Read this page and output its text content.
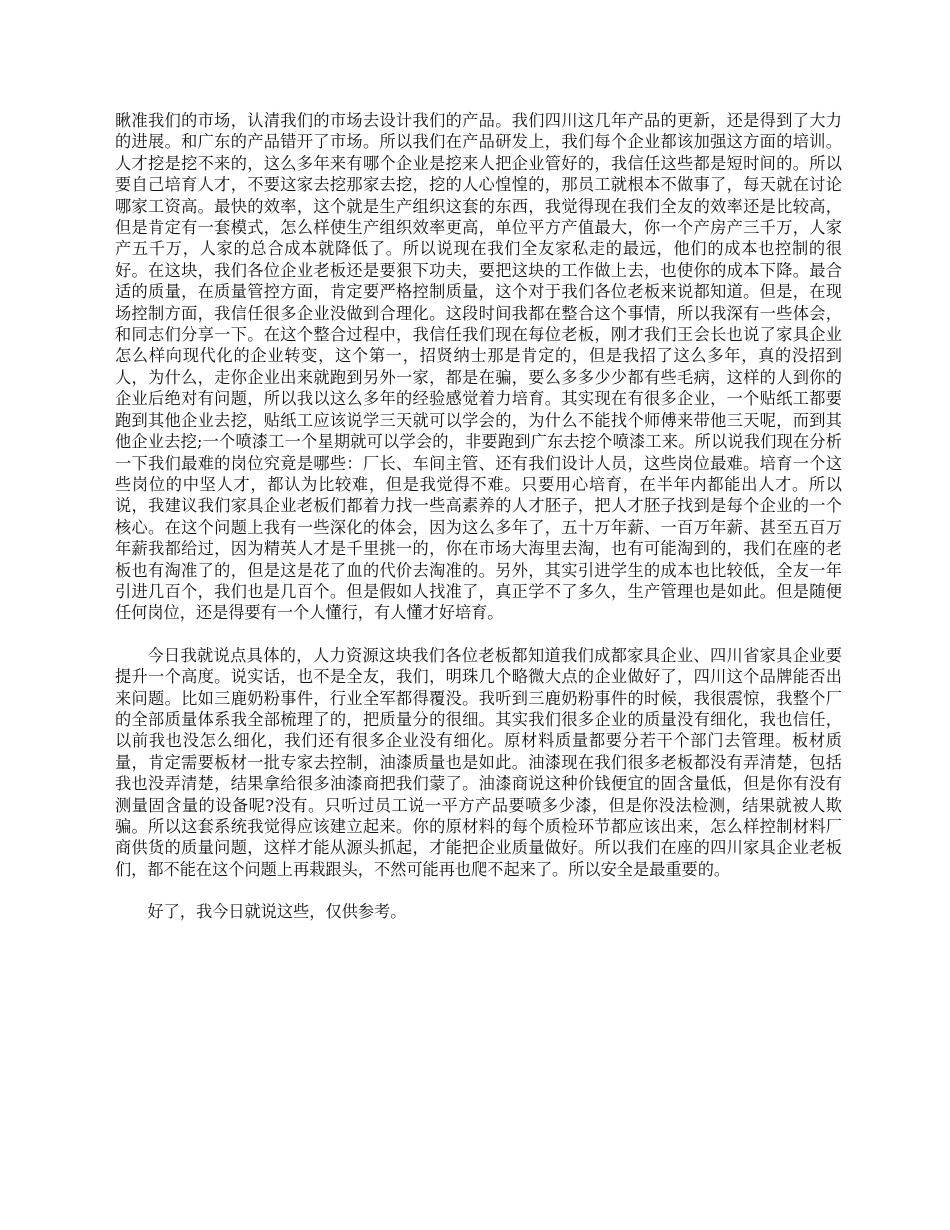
瞅准我们的市场，认清我们的市场去设计我们的产品。我们四川这几年产品的更新，还是得到了大力的进展。和广东的产品错开了市场。所以我们在产品研发上，我们每个企业都该加强这方面的培训。人才挖是挖不来的，这么多年来有哪个企业是挖来人把企业管好的，我信任这些都是短时间的。所以要自己培育人才，不要这家去挖那家去挖，挖的人心惶惶的，那员工就根本不做事了，每天就在讨论哪家工资高。最快的效率，这个就是生产组织这套的东西，我觉得现在我们全友的效率还是比较高，但是肯定有一套模式，怎么样使生产组织效率更高，单位平方产值最大，你一个产房产三千万，人家产五千万，人家的总合成本就降低了。所以说现在我们全友家私走的最远，他们的成本也控制的很好。在这块，我们各位企业老板还是要狠下功夫，要把这块的工作做上去，也使你的成本下降。最合适的质量，在质量管控方面，肯定要严格控制质量，这个对于我们各位老板来说都知道。但是，在现场控制方面，我信任很多企业没做到合理化。这段时间我都在整合这个事情，所以我深有一些体会，和同志们分享一下。在这个整合过程中，我信任我们现在每位老板，刚才我们王会长也说了家具企业怎么样向现代化的企业转变，这个第一，招贤纳士那是肯定的，但是我招了这么多年，真的没招到人，为什么，走你企业出来就跑到另外一家，都是在骗，要么多多少少都有些毛病，这样的人到你的企业后绝对有问题，所以我以这么多年的经验感觉着力培育。其实现在有很多企业，一个贴纸工都要跑到其他企业去挖，贴纸工应该说学三天就可以学会的，为什么不能找个师傅来带他三天呢，而到其他企业去挖;一个喷漆工一个星期就可以学会的，非要跑到广东去挖个喷漆工来。所以说我们现在分析一下我们最难的岗位究竟是哪些：厂长、车间主管、还有我们设计人员，这些岗位最难。培育一个这些岗位的中坚人才，都认为比较难，但是我觉得不难。只要用心培育，在半年内都能出人才。所以说，我建议我们家具企业老板们都着力找一些高素养的人才胚子，把人才胚子找到是每个企业的一个核心。在这个问题上我有一些深化的体会，因为这么多年了，五十万年薪、一百万年薪、甚至五百万年薪我都给过，因为精英人才是千里挑一的，你在市场大海里去淘，也有可能淘到的，我们在座的老板也有淘准了的，但是这是花了血的代价去淘准的。另外，其实引进学生的成本也比较低，全友一年引进几百个，我们也是几百个。但是假如人找准了，真正学不了多久，生产管理也是如此。但是随便任何岗位，还是得要有一个人懂行，有人懂才好培育。

今日我就说点具体的，人力资源这块我们各位老板都知道我们成都家具企业、四川省家具企业要提升一个高度。说实话，也不是全友，我们，明珠几个略微大点的企业做好了，四川这个品牌能否出来问题。比如三鹿奶粉事件，行业全军都得覆没。我听到三鹿奶粉事件的时候，我很震惊，我整个厂的全部质量体系我全部梳理了的，把质量分的很细。其实我们很多企业的质量没有细化，我也信任，以前我也没怎么细化，我们还有很多企业没有细化。原材料质量都要分若干个部门去管理。板材质量，肯定需要板材一批专家去控制，油漆质量也是如此。油漆现在我们很多老板都没有弄清楚，包括我也没弄清楚，结果拿给很多油漆商把我们蒙了。油漆商说这种价钱便宜的固含量低，但是你有没有测量固含量的设备呢?没有。只听过员工说一平方产品要喷多少漆，但是你没法检测，结果就被人欺骗。所以这套系统我觉得应该建立起来。你的原材料的每个质检环节都应该出来，怎么样控制材料厂商供货的质量问题，这样才能从源头抓起，才能把企业质量做好。所以我们在座的四川家具企业老板们，都不能在这个问题上再栽跟头，不然可能再也爬不起来了。所以安全是最重要的。

好了，我今日就说这些，仅供参考。
